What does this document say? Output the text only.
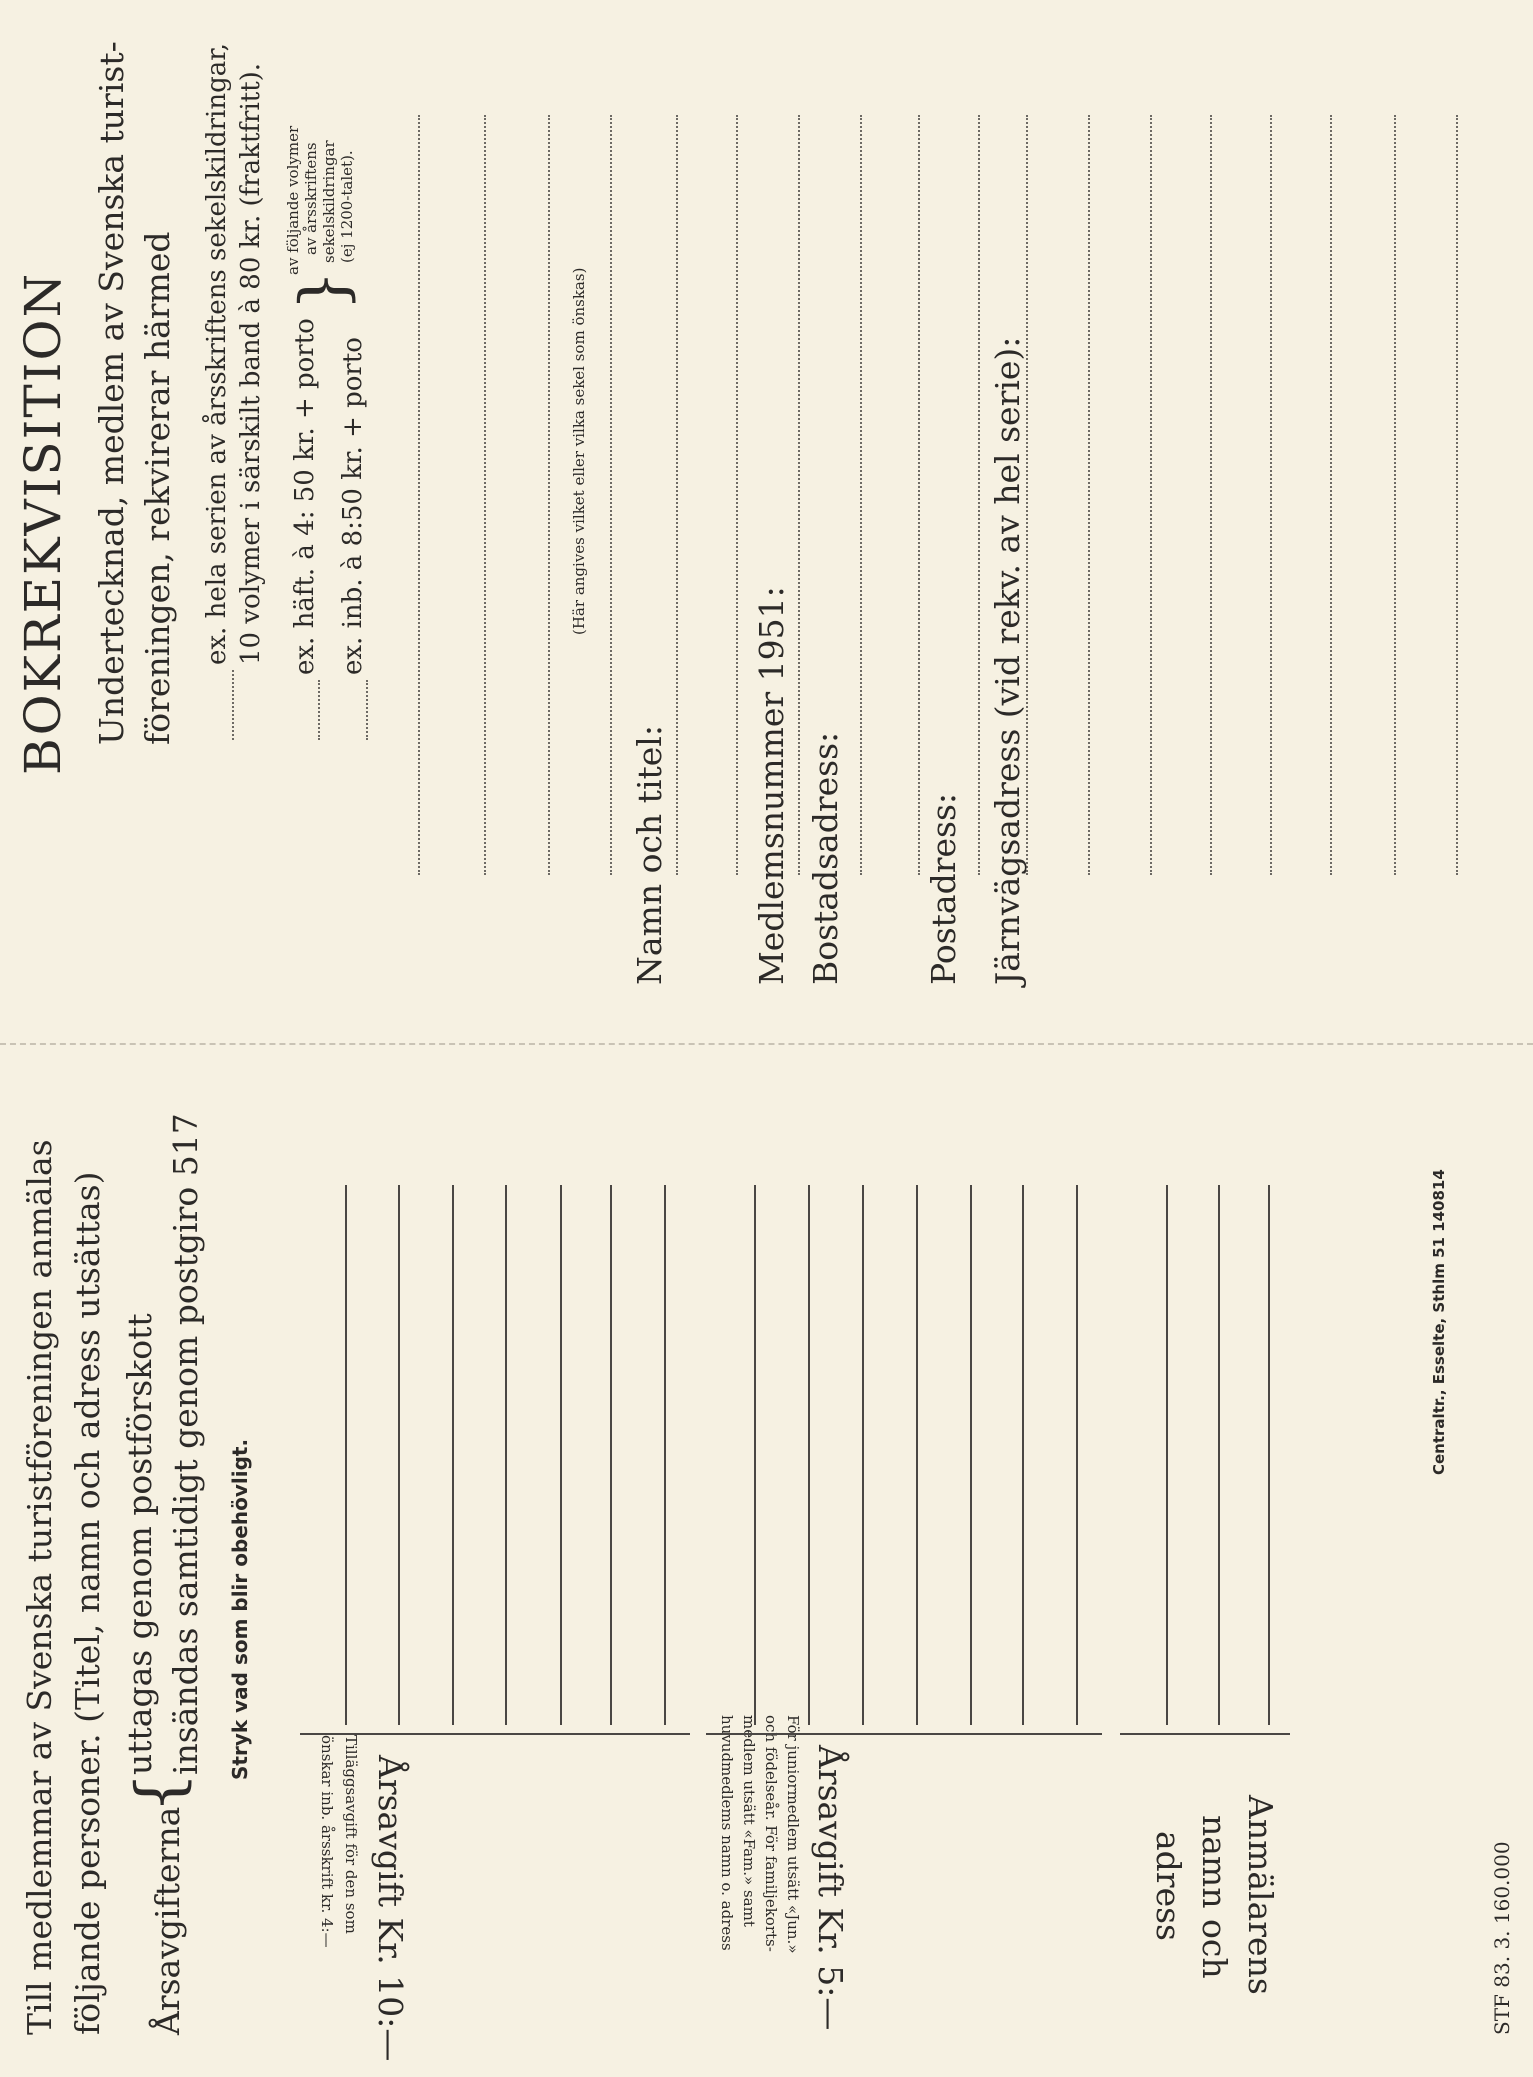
BOKREKVISITION Undertecknad, medlem av Svenska turist- föreningen, rekvirerar härmed ex. hela serien av årsskriftens sekelskildringar, 10 volymer i särskilt band à 80 kr. (fraktfritt). ex. häft. à 4: 50 kr. + porto ex. inb. à 8:50 kr. + porto
}
av följande volymer av årsskriftens sekelskildringar (ej 1200-talet).
(Här angives vilket eller vilka sekel som önskas)
Namn och titel:	Medlemsnummer 1951: Bostadsadress: Postadress: Järnvägsadress (vid rekv. av hel serie):
Till medlemmar av Svenska turistföreningen anmälas följande personer. (Titel, namn och adress utsättas) Årsavgifterna
{
uttagas genom postförskott insändas samtidigt genom postgiro 517 Stryk vad som blir obehövligt.
Årsavgift Kr. 10:—
Tilläggsavgift för den som
önskar inb. årsskrift kr. 4:—	Årsavgift Kr. 5:—
För juniormedlem utsätt «Jun.»
och födelseår. För familjekorts-
medlem utsätt «Fam.» samt
huvudmedlems namn o. adress	Anmälarens
namn och
adress
Centraltr., Esselte, Sthlm 51 140814
STF 83. 3. 160.000
